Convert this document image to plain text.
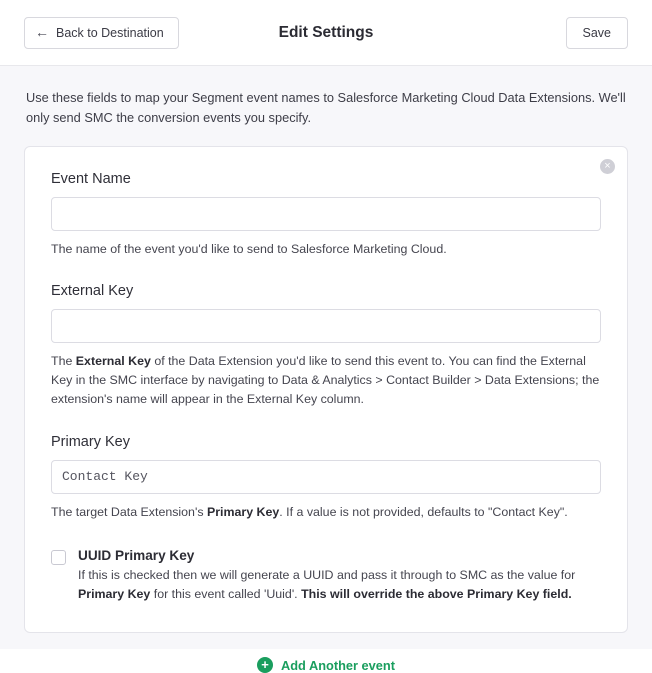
← Back to Destination	Edit Settings	Save

Use these fields to map your Segment event names to Salesforce Marketing Cloud Data Extensions. We'll only send SMC the conversion events you specify.

×
Event Name

The name of the event you'd like to send to Salesforce Marketing Cloud.

External Key

The External Key of the Data Extension you'd like to send this event to. You can find the External Key in the SMC interface by navigating to Data & Analytics > Contact Builder > Data Extensions; the extension's name will appear in the External Key column.

Primary Key
Contact Key

The target Data Extension's Primary Key. If a value is not provided, defaults to "Contact Key".

UUID Primary Key

If this is checked then we will generate a UUID and pass it through to SMC as the value for Primary Key for this event called 'Uuid'. This will override the above Primary Key field.

+ Add Another event
